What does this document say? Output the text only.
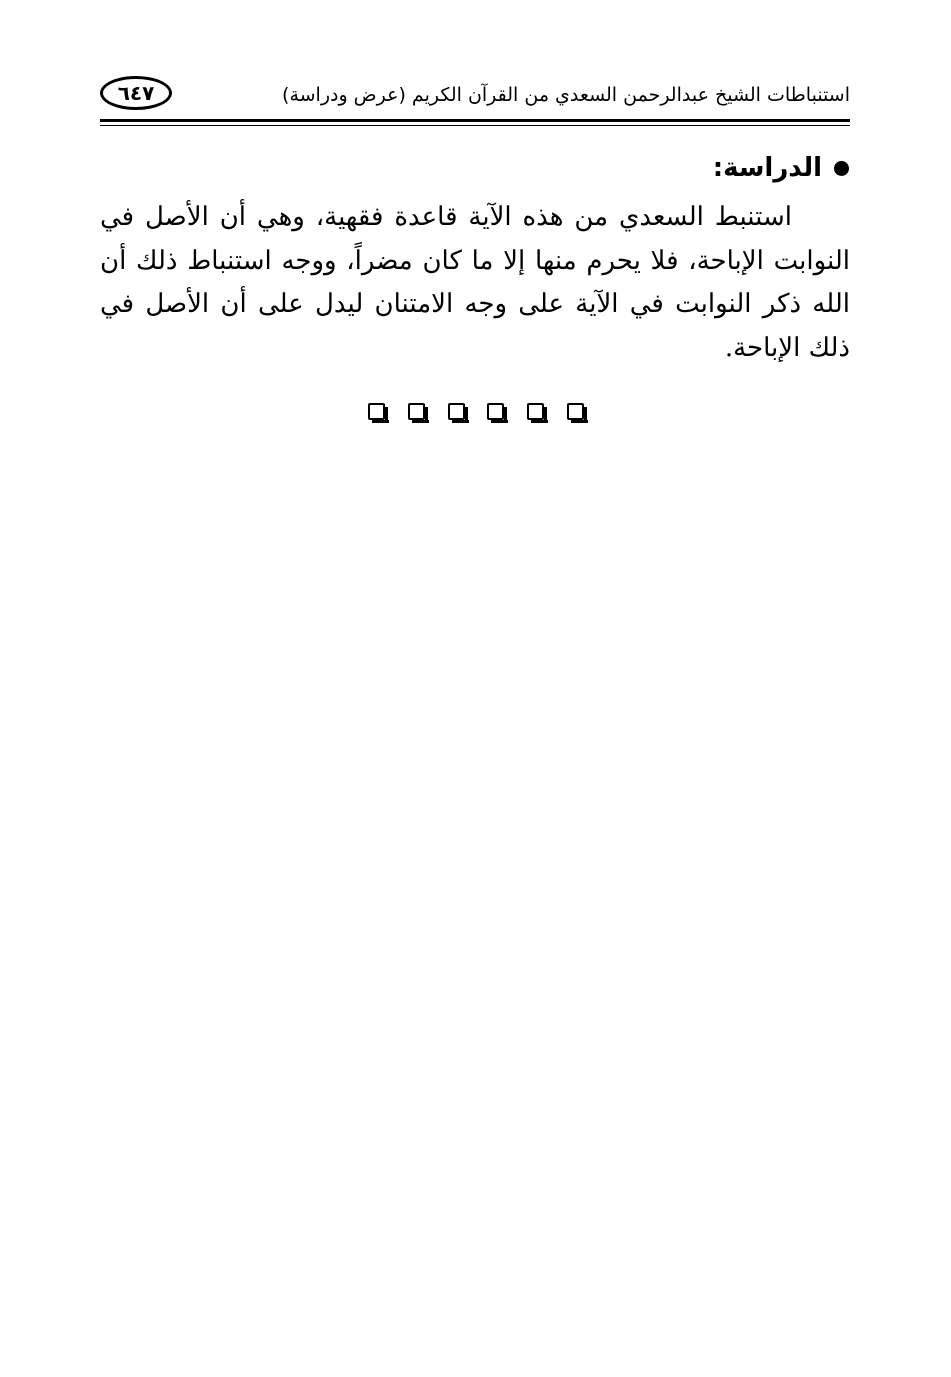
استنباطات الشيخ عبدالرحمن السعدي من القرآن الكريم (عرض ودراسة)
٦٤٧
الدراسة:
استنبط السعدي من هذه الآية قاعدة فقهية، وهي أن الأصل في النوابت الإباحة، فلا يحرم منها إلا ما كان مضراً، ووجه استنباط ذلك أن الله ذكر النوابت في الآية على وجه الامتنان ليدل على أن الأصل في ذلك الإباحة.
